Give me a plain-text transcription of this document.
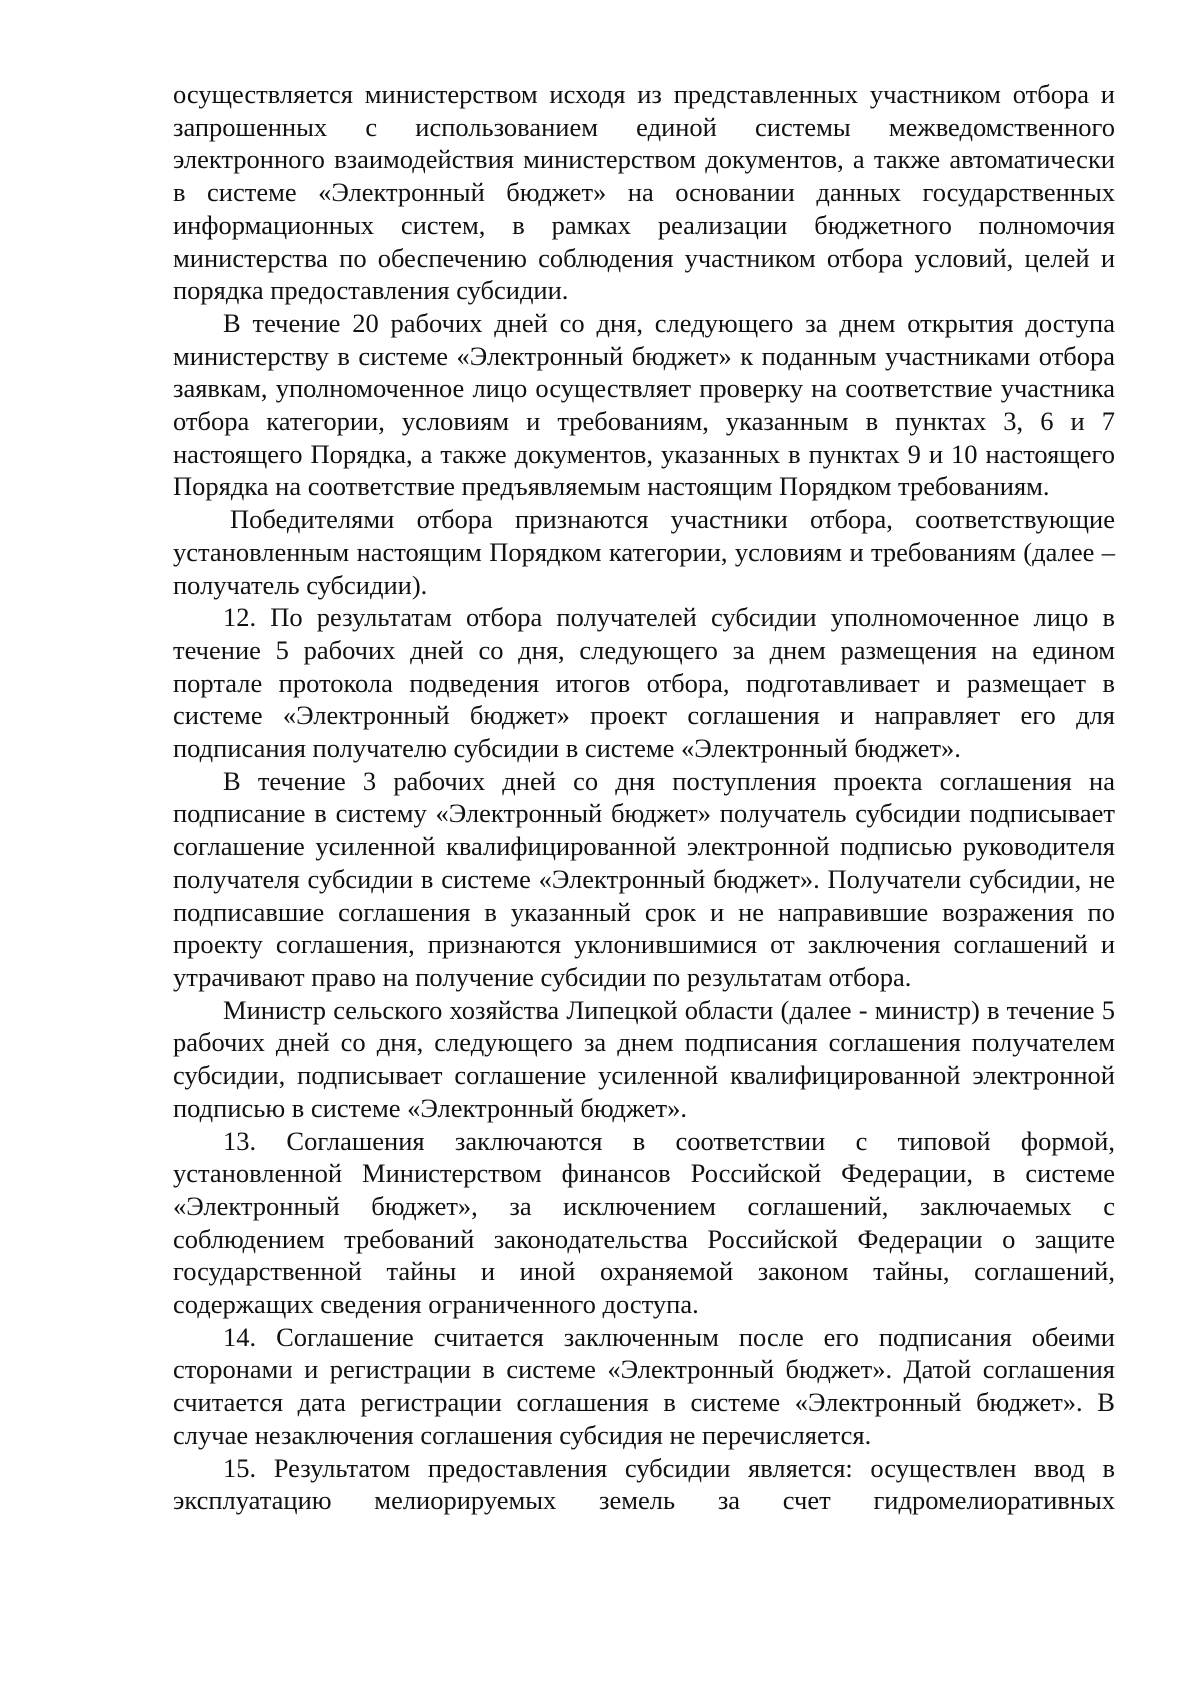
осуществляется министерством исходя из представленных участником отбора и запрошенных с использованием единой системы межведомственного электронного взаимодействия министерством документов, а также автоматически в системе «Электронный бюджет» на основании данных государственных информационных систем, в рамках реализации бюджетного полномочия министерства по обеспечению соблюдения участником отбора условий, целей и порядка предоставления субсидии.

В течение 20 рабочих дней со дня, следующего за днем открытия доступа министерству в системе «Электронный бюджет» к поданным участниками отбора заявкам, уполномоченное лицо осуществляет проверку на соответствие участника отбора категории, условиям и требованиям, указанным в пунктах 3, 6 и 7 настоящего Порядка, а также документов, указанных в пунктах 9 и 10 настоящего Порядка на соответствие предъявляемым настоящим Порядком требованиям.

Победителями отбора признаются участники отбора, соответствующие установленным настоящим Порядком категории, условиям и требованиям (далее – получатель субсидии).

12. По результатам отбора получателей субсидии уполномоченное лицо в течение 5 рабочих дней со дня, следующего за днем размещения на едином портале протокола подведения итогов отбора, подготавливает и размещает в системе «Электронный бюджет» проект соглашения и направляет его для подписания получателю субсидии в системе «Электронный бюджет».

В течение 3 рабочих дней со дня поступления проекта соглашения на подписание в систему «Электронный бюджет» получатель субсидии подписывает соглашение усиленной квалифицированной электронной подписью руководителя получателя субсидии в системе «Электронный бюджет». Получатели субсидии, не подписавшие соглашения в указанный срок и не направившие возражения по проекту соглашения, признаются уклонившимися от заключения соглашений и утрачивают право на получение субсидии по результатам отбора.

Министр сельского хозяйства Липецкой области (далее - министр) в течение 5 рабочих дней со дня, следующего за днем подписания соглашения получателем субсидии, подписывает соглашение усиленной квалифицированной электронной подписью в системе «Электронный бюджет».

13. Соглашения заключаются в соответствии с типовой формой, установленной Министерством финансов Российской Федерации, в системе «Электронный бюджет», за исключением соглашений, заключаемых с соблюдением требований законодательства Российской Федерации о защите государственной тайны и иной охраняемой законом тайны, соглашений, содержащих сведения ограниченного доступа.

14. Соглашение считается заключенным после его подписания обеими сторонами и регистрации в системе «Электронный бюджет». Датой соглашения считается дата регистрации соглашения в системе «Электронный бюджет». В случае незаключения соглашения субсидия не перечисляется.

15. Результатом предоставления субсидии является: осуществлен ввод в эксплуатацию мелиорируемых земель за счет гидромелиоративных
